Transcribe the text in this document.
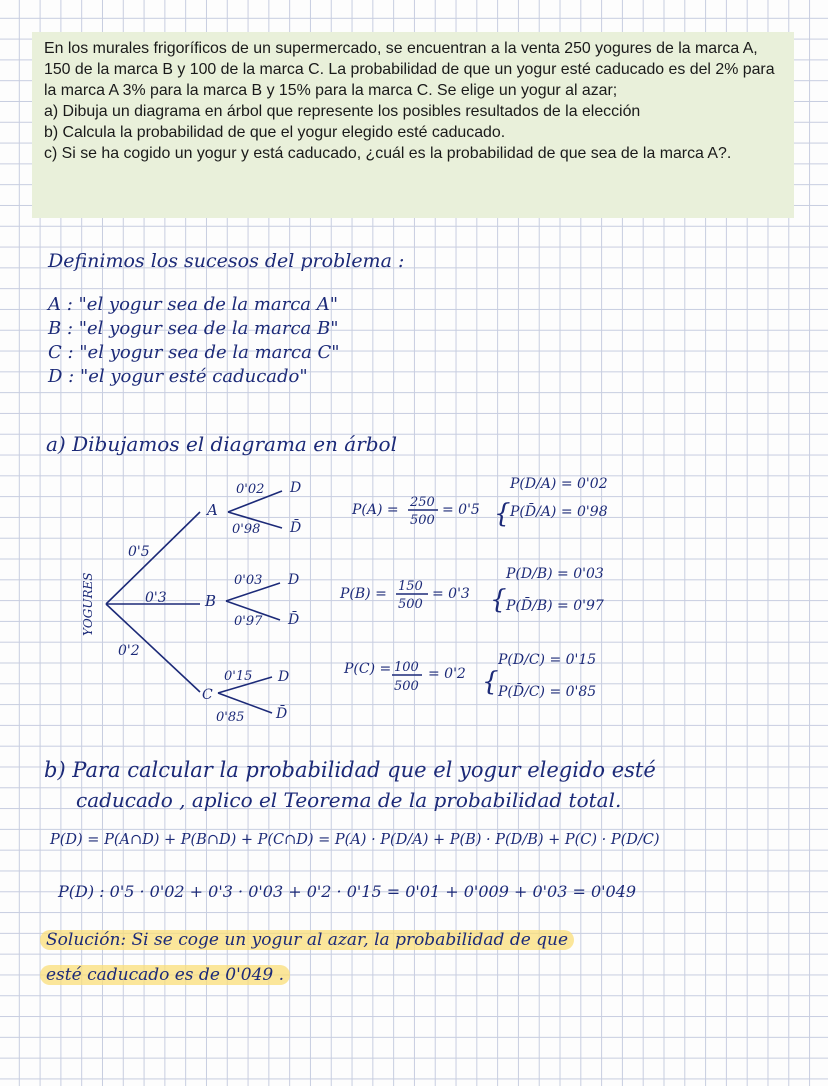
En los murales frigoríficos de un supermercado, se encuentran a la venta 250 yogures de la marca A, 150 de la marca B y 100 de la marca C. La probabilidad de que un yogur esté caducado es del 2% para la marca A 3% para la marca B y 15% para la marca C. Se elige un yogur al azar;

a) Dibuja un diagrama en árbol que represente los posibles resultados de la elección

b) Calcula la probabilidad de que el yogur elegido esté caducado.

c) Si se ha cogido un yogur y está caducado, ¿cuál es la probabilidad de que sea de la marca A?.

Definimos los sucesos del problema :

A : "el yogur sea de la marca A"

B : "el yogur sea de la marca B"

C : "el yogur sea de la marca C"

D : "el yogur esté caducado"

a) Dibujamos el diagrama en árbol

YOGURES
0'5
0'3
0'2
A
B
C
0'02
0'98
D
D̄
0'03
0'97
D
D̄
0'15
0'85
D
D̄
P(A) = 250
500
= 0'5 {
P(D/A) = 0'02
P(D̄/A) = 0'98
P(B) = 150
500
= 0'3 {
P(D/B) = 0'03
P(D̄/B) = 0'97
P(C) = 100
500
= 0'2 {
P(D/C) = 0'15
P(D̄/C) = 0'85

b) Para calcular la probabilidad que el yogur elegido esté

caducado , aplico el Teorema de la probabilidad total.

P(D) = P(A∩D) + P(B∩D) + P(C∩D) = P(A) · P(D/A) + P(B) · P(D/B) + P(C) · P(D/C)

P(D) : 0'5 · 0'02 + 0'3 · 0'03 + 0'2 · 0'15 = 0'01 + 0'009 + 0'03 = 0'049

Solución: Si se coge un yogur al azar, la probabilidad de que

esté caducado es de 0'049 .
